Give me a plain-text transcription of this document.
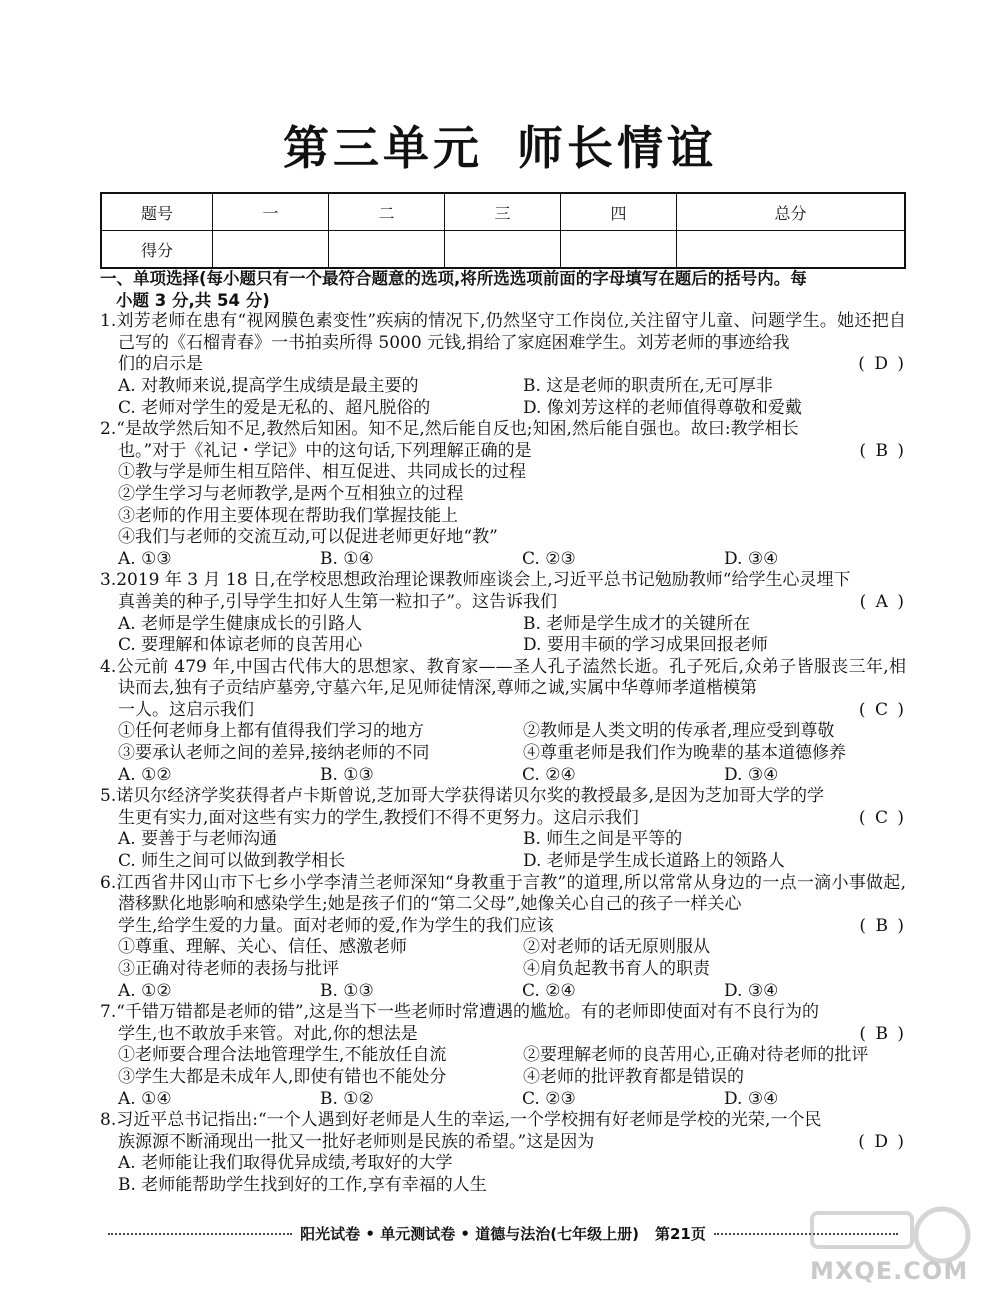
第三单元 师长情谊
题号	一	二	三	四	总分
得分					

一、单项选择(每小题只有一个最符合题意的选项,将所选选项前面的字母填写在题后的括号内。每
小题 3 分,共 54 分)

1.刘芳老师在患有“视网膜色素变性”疾病的情况下,仍然坚守工作岗位,关注留守儿童、问题学生。她还把自己写的《石榴青春》一书拍卖所得 5000 元钱,捐给了家庭困难学生。刘芳老师的事迹给我

们的启示是	( D )
A. 对教师来说,提高学生成绩是最主要的	B. 这是老师的职责所在,无可厚非
C. 老师对学生的爱是无私的、超凡脱俗的	D. 像刘芳这样的老师值得尊敬和爱戴

2.“是故学然后知不足,教然后知困。知不足,然后能自反也;知困,然后能自强也。故曰:教学相长

也。”对于《礼记・学记》中的这句话,下列理解正确的是	( B )

①教与学是师生相互陪伴、相互促进、共同成长的过程

②学生学习与老师教学,是两个互相独立的过程

③老师的作用主要体现在帮助我们掌握技能上

④我们与老师的交流互动,可以促进老师更好地“教”

A. ①③	B. ①④	C. ②③	D. ③④

3.2019 年 3 月 18 日,在学校思想政治理论课教师座谈会上,习近平总书记勉励教师“给学生心灵埋下

真善美的种子,引导学生扣好人生第一粒扣子”。这告诉我们	( A )
A. 老师是学生健康成长的引路人	B. 老师是学生成才的关键所在
C. 要理解和体谅老师的良苦用心	D. 要用丰硕的学习成果回报老师

4.公元前 479 年,中国古代伟大的思想家、教育家——圣人孔子溘然长逝。孔子死后,众弟子皆服丧三年,相诀而去,独有子贡结庐墓旁,守墓六年,足见师徒情深,尊师之诚,实属中华尊师孝道楷模第

一人。这启示我们	( C )
①任何老师身上都有值得我们学习的地方	②教师是人类文明的传承者,理应受到尊敬
③要承认老师之间的差异,接纳老师的不同	④尊重老师是我们作为晚辈的基本道德修养
A. ①②	B. ①③	C. ②④	D. ③④

5.诺贝尔经济学奖获得者卢卡斯曾说,芝加哥大学获得诺贝尔奖的教授最多,是因为芝加哥大学的学

生更有实力,面对这些有实力的学生,教授们不得不更努力。这启示我们	( C )
A. 要善于与老师沟通	B. 师生之间是平等的
C. 师生之间可以做到教学相长	D. 老师是学生成长道路上的领路人

6.江西省井冈山市下七乡小学李清兰老师深知“身教重于言教”的道理,所以常常从身边的一点一滴小事做起,潜移默化地影响和感染学生;她是孩子们的“第二父母”,她像关心自己的孩子一样关心

学生,给学生爱的力量。面对老师的爱,作为学生的我们应该	( B )
①尊重、理解、关心、信任、感激老师	②对老师的话无原则服从
③正确对待老师的表扬与批评	④肩负起教书育人的职责
A. ①②	B. ①③	C. ②④	D. ③④

7.“千错万错都是老师的错”,这是当下一些老师时常遭遇的尴尬。有的老师即使面对有不良行为的

学生,也不敢放手来管。对此,你的想法是	( B )
①老师要合理合法地管理学生,不能放任自流	②要理解老师的良苦用心,正确对待老师的批评
③学生大都是未成年人,即使有错也不能处分	④老师的批评教育都是错误的
A. ①④	B. ①②	C. ②③	D. ③④

8.习近平总书记指出:“一个人遇到好老师是人生的幸运,一个学校拥有好老师是学校的光荣,一个民

族源源不断涌现出一批又一批好老师则是民族的希望。”这是因为	( D )

A. 老师能让我们取得优异成绩,考取好的大学

B. 老师能帮助学生找到好的工作,享有幸福的人生

阳光试卷 • 单元测试卷 • 道德与法治(七年级上册) 第21页
MXQE.COM
